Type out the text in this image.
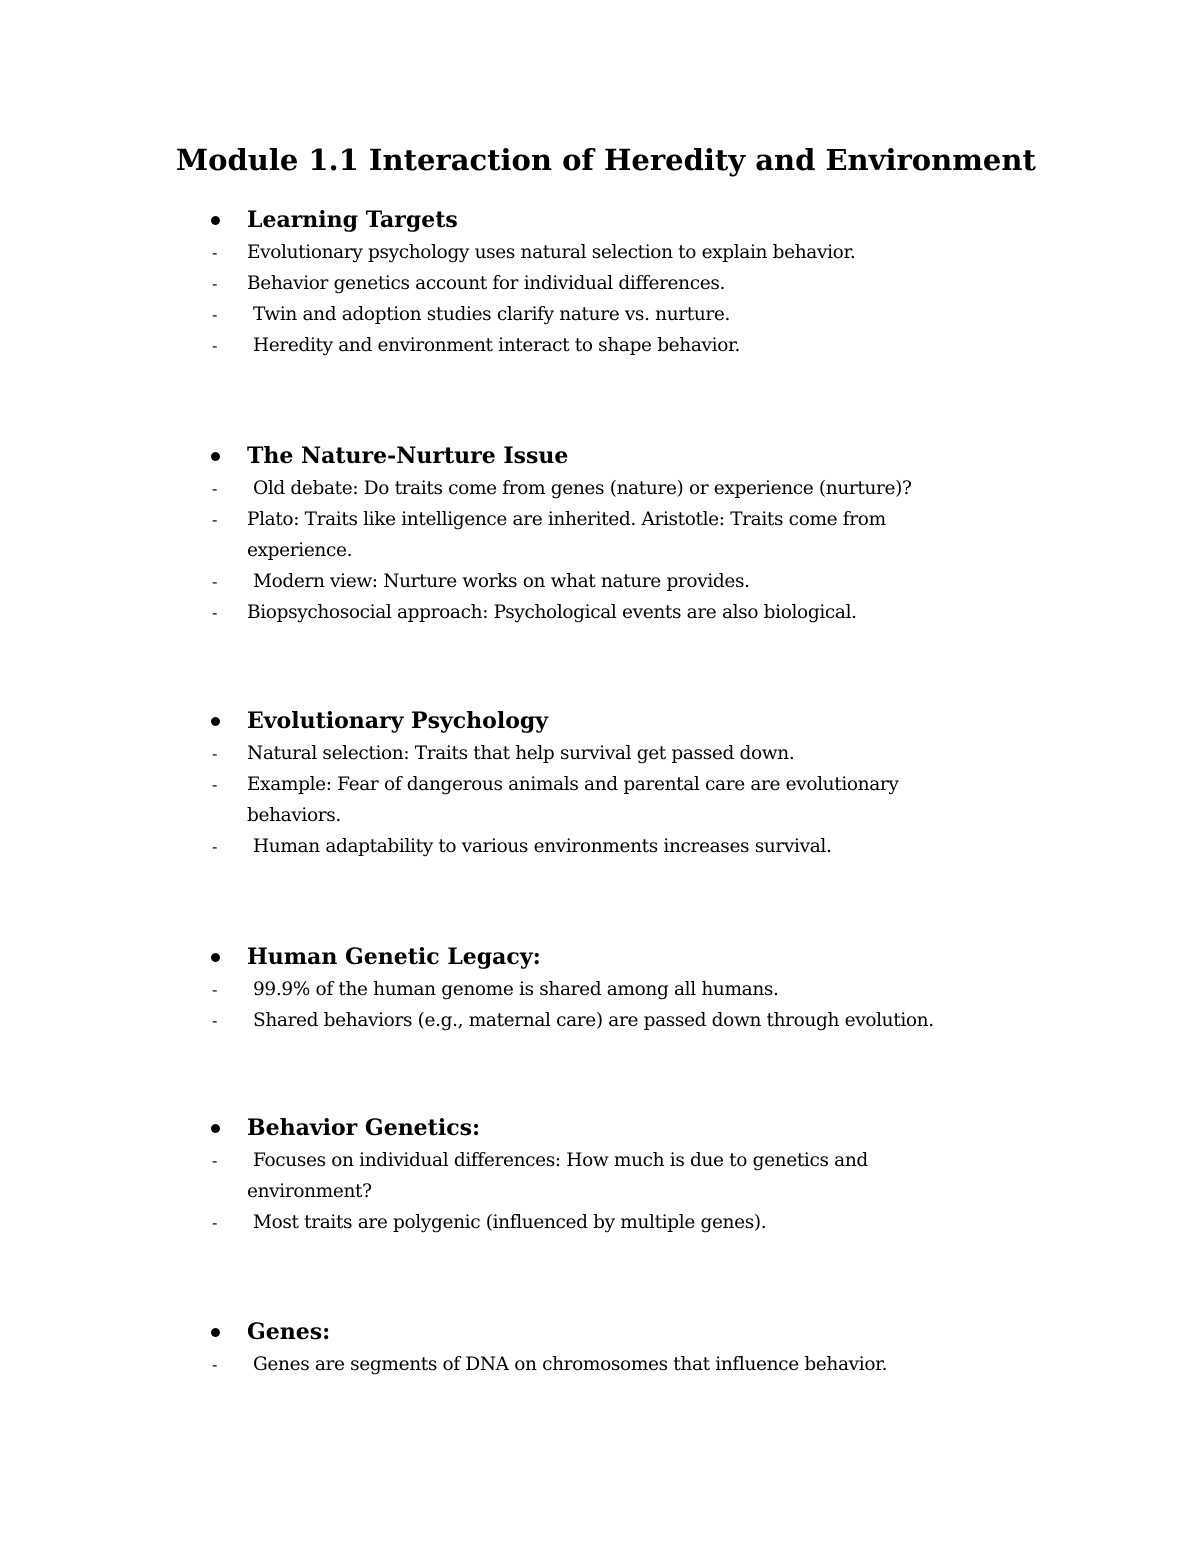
Module 1.1 Interaction of Heredity and Environment
Learning Targets
- Evolutionary psychology uses natural selection to explain behavior.
- Behavior genetics account for individual differences.
-	Twin and adoption studies clarify nature vs. nurture.
-	Heredity and environment interact to shape behavior.
The Nature-Nurture Issue
-	Old debate: Do traits come from genes (nature) or experience (nurture)?
- Plato: Traits like intelligence are inherited. Aristotle: Traits come from experience.
-	Modern view: Nurture works on what nature provides.
- Biopsychosocial approach: Psychological events are also biological.
Evolutionary Psychology
- Natural selection: Traits that help survival get passed down.
- Example: Fear of dangerous animals and parental care are evolutionary behaviors.
-	Human adaptability to various environments increases survival.
Human Genetic Legacy:
-	99.9% of the human genome is shared among all humans.
-	Shared behaviors (e.g., maternal care) are passed down through evolution.
Behavior Genetics:
-	Focuses on individual differences: How much is due to genetics and environment?
-	Most traits are polygenic (influenced by multiple genes).
Genes:
-	Genes are segments of DNA on chromosomes that influence behavior.
